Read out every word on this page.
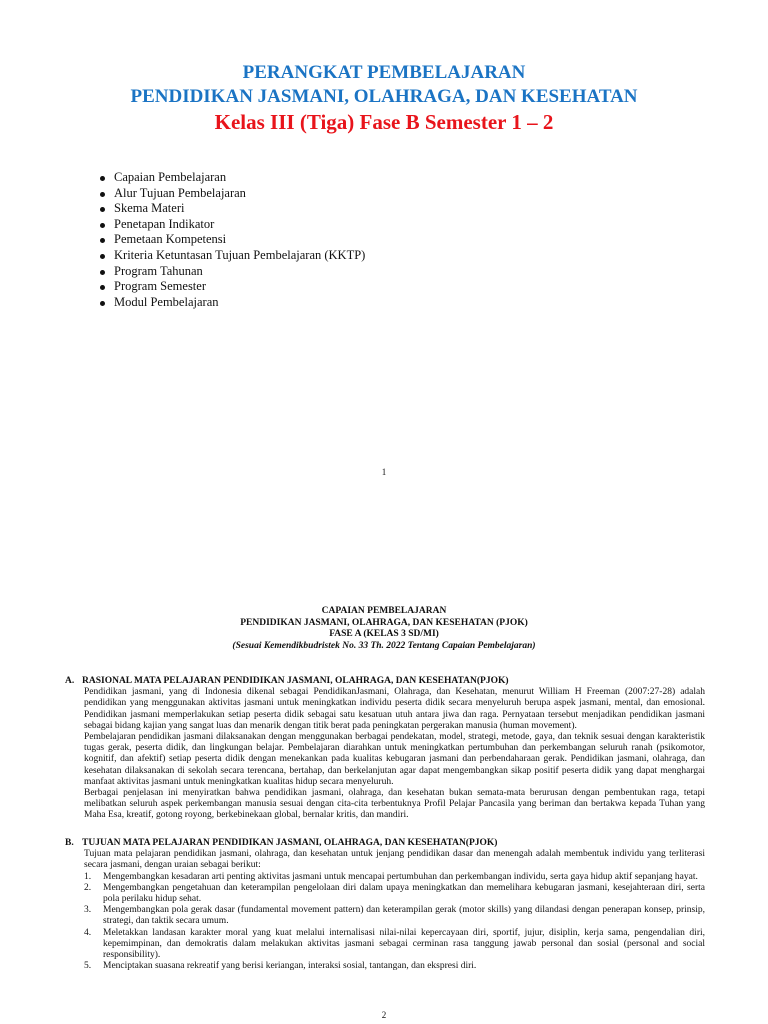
PERANGKAT PEMBELAJARAN
PENDIDIKAN JASMANI, OLAHRAGA, DAN KESEHATAN
Kelas III (Tiga) Fase B Semester 1 – 2
Capaian Pembelajaran
Alur Tujuan Pembelajaran
Skema Materi
Penetapan Indikator
Pemetaan Kompetensi
Kriteria Ketuntasan Tujuan Pembelajaran (KKTP)
Program Tahunan
Program Semester
Modul Pembelajaran
1
CAPAIAN PEMBELAJARAN
PENDIDIKAN JASMANI, OLAHRAGA, DAN KESEHATAN (PJOK)
FASE A (KELAS 3 SD/MI)
(Sesuai Kemendikbudristek No. 33 Th. 2022 Tentang Capaian Pembelajaran)
A. RASIONAL MATA PELAJARAN PENDIDIKAN JASMANI, OLAHRAGA, DAN KESEHATAN(PJOK)

Pendidikan jasmani, yang di Indonesia dikenal sebagai PendidikanJasmani, Olahraga, dan Kesehatan, menurut William H Freeman (2007:27-28) adalah pendidikan yang menggunakan aktivitas jasmani untuk meningkatkan individu peserta didik secara menyeluruh berupa aspek jasmani, mental, dan emosional. Pendidikan jasmani memperlakukan setiap peserta didik sebagai satu kesatuan utuh antara jiwa dan raga. Pernyataan tersebut menjadikan pendidikan jasmani sebagai bidang kajian yang sangat luas dan menarik dengan titik berat pada peningkatan pergerakan manusia (human movement).

Pembelajaran pendidikan jasmani dilaksanakan dengan menggunakan berbagai pendekatan, model, strategi, metode, gaya, dan teknik sesuai dengan karakteristik tugas gerak, peserta didik, dan lingkungan belajar. Pembelajaran diarahkan untuk meningkatkan pertumbuhan dan perkembangan seluruh ranah (psikomotor, kognitif, dan afektif) setiap peserta didik dengan menekankan pada kualitas kebugaran jasmani dan perbendaharaan gerak. Pendidikan jasmani, olahraga, dan kesehatan dilaksanakan di sekolah secara terencana, bertahap, dan berkelanjutan agar dapat mengembangkan sikap positif peserta didik yang dapat menghargai manfaat aktivitas jasmani untuk meningkatkan kualitas hidup secara menyeluruh.

Berbagai penjelasan ini menyiratkan bahwa pendidikan jasmani, olahraga, dan kesehatan bukan semata-mata berurusan dengan pembentukan raga, tetapi melibatkan seluruh aspek perkembangan manusia sesuai dengan cita-cita terbentuknya Profil Pelajar Pancasila yang beriman dan bertakwa kepada Tuhan yang Maha Esa, kreatif, gotong royong, berkebinekaan global, bernalar kritis, dan mandiri.

B. TUJUAN MATA PELAJARAN PENDIDIKAN JASMANI, OLAHRAGA, DAN KESEHATAN(PJOK)

Tujuan mata pelajaran pendidikan jasmani, olahraga, dan kesehatan untuk jenjang pendidikan dasar dan menengah adalah membentuk individu yang terliterasi secara jasmani, dengan uraian sebagai berikut:

1.	Mengembangkan kesadaran arti penting aktivitas jasmani untuk mencapai pertumbuhan dan perkembangan individu, serta gaya hidup aktif sepanjang hayat.
2.	Mengembangkan pengetahuan dan keterampilan pengelolaan diri dalam upaya meningkatkan dan memelihara kebugaran jasmani, kesejahteraan diri, serta pola perilaku hidup sehat.
3.	Mengembangkan pola gerak dasar (fundamental movement pattern) dan keterampilan gerak (motor skills) yang dilandasi dengan penerapan konsep, prinsip, strategi, dan taktik secara umum.
4.	Meletakkan landasan karakter moral yang kuat melalui internalisasi nilai-nilai kepercayaan diri, sportif, jujur, disiplin, kerja sama, pengendalian diri, kepemimpinan, dan demokratis dalam melakukan aktivitas jasmani sebagai cerminan rasa tanggung jawab personal dan sosial (personal and social responsibility).
5.	Menciptakan suasana rekreatif yang berisi keriangan, interaksi sosial, tantangan, dan ekspresi diri.
2
